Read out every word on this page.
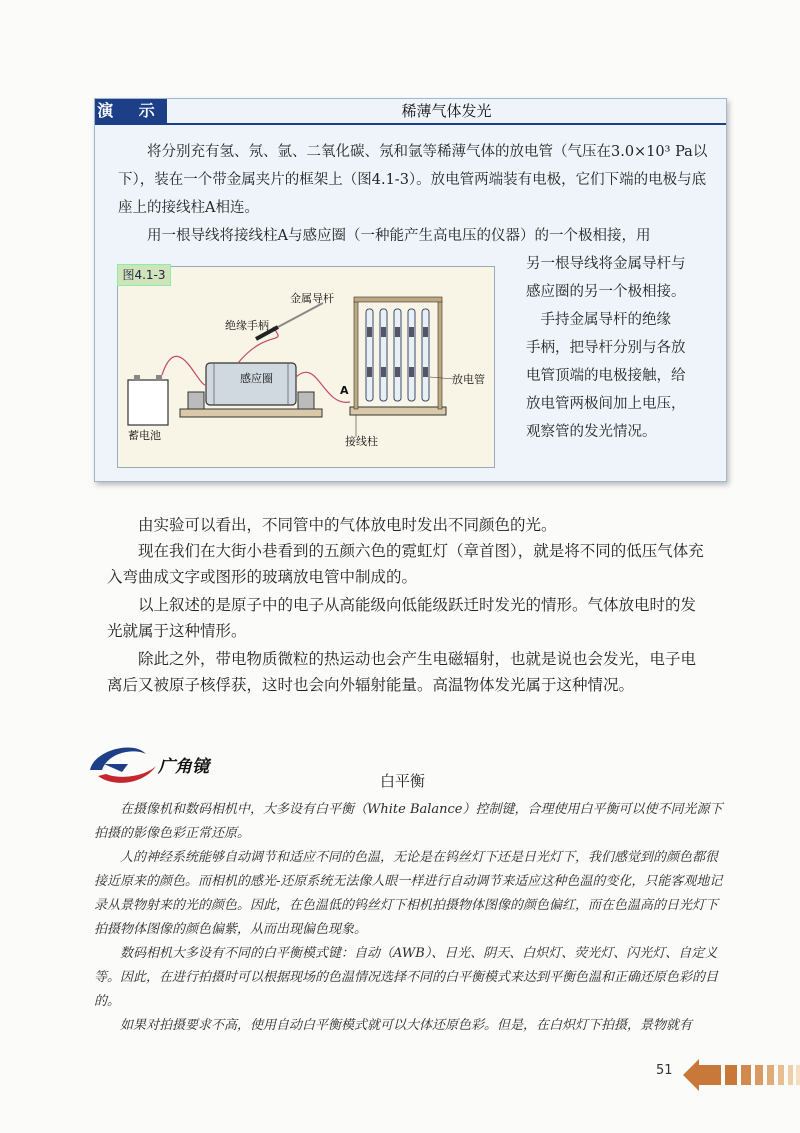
演 示	稀薄气体发光

将分别充有氢、氖、氩、二氧化碳、氖和氩等稀薄气体的放电管（气压在3.0×10³ Pa以下），装在一个带金属夹片的框架上（图4.1-3）。放电管两端装有电极，它们下端的电极与底座上的接线柱A相连。

用一根导线将接线柱A与感应圈（一种能产生高电压的仪器）的一个极相接，用

图4.1-3
金属导杆
绝缘手柄
感应圈	放电管
蓄电池	接线柱
A
另一根导线将金属导杆与
感应圈的另一个极相接。
　手持金属导杆的绝缘
手柄，把导杆分别与各放
电管顶端的电极接触，给
放电管两极间加上电压，
观察管的发光情况。

由实验可以看出，不同管中的气体放电时发出不同颜色的光。

现在我们在大街小巷看到的五颜六色的霓虹灯（章首图），就是将不同的低压气体充入弯曲成文字或图形的玻璃放电管中制成的。

以上叙述的是原子中的电子从高能级向低能级跃迁时发光的情形。气体放电时的发光就属于这种情形。

除此之外，带电物质微粒的热运动也会产生电磁辐射，也就是说也会发光，电子电离后又被原子核俘获，这时也会向外辐射能量。高温物体发光属于这种情况。

广角镜
白平衡

在摄像机和数码相机中，大多设有白平衡（White Balance）控制键，合理使用白平衡可以使不同光源下拍摄的影像色彩正常还原。

人的神经系统能够自动调节和适应不同的色温，无论是在钨丝灯下还是日光灯下，我们感觉到的颜色都很接近原来的颜色。而相机的感光-还原系统无法像人眼一样进行自动调节来适应这种色温的变化，只能客观地记录从景物射来的光的颜色。因此，在色温低的钨丝灯下相机拍摄物体图像的颜色偏红，而在色温高的日光灯下拍摄物体图像的颜色偏紫，从而出现偏色现象。

数码相机大多设有不同的白平衡模式键：自动（AWB）、日光、阴天、白炽灯、荧光灯、闪光灯、自定义等。因此，在进行拍摄时可以根据现场的色温情况选择不同的白平衡模式来达到平衡色温和正确还原色彩的目的。

如果对拍摄要求不高，使用自动白平衡模式就可以大体还原色彩。但是，在白炽灯下拍摄，景物就有

51
